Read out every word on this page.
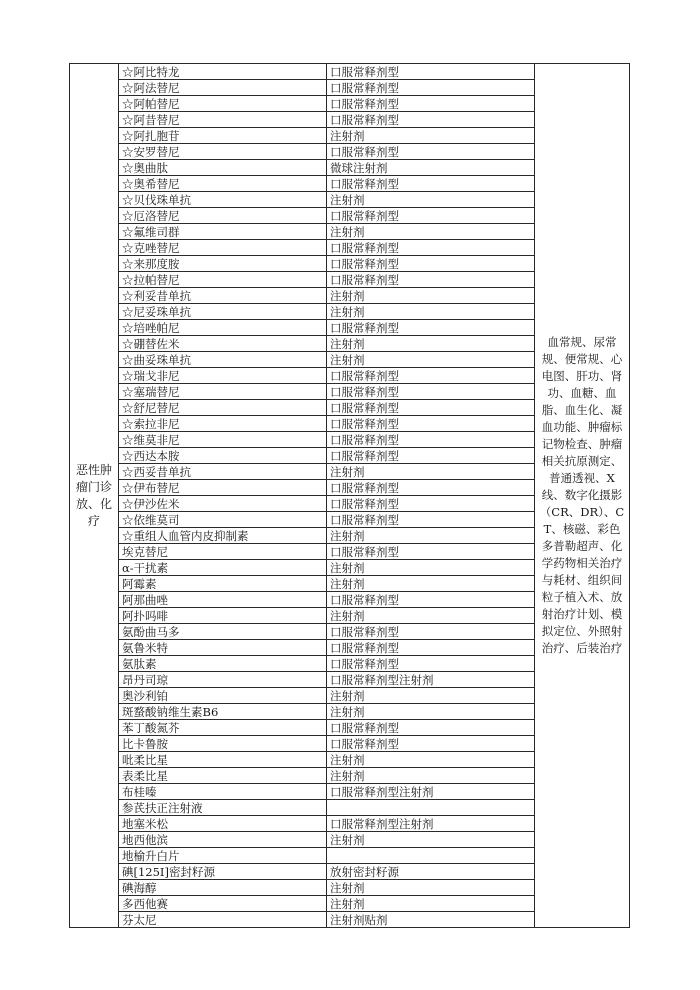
恶性肿瘤门诊放、化疗	☆阿比特龙	口服常释剂型	血常规、尿常规、便常规、心电图、肝功、肾功、血糖、血脂、血生化、凝血功能、肿瘤标记物检查、肿瘤相关抗原测定、普通透视、X线、数字化摄影（CR、DR）、CT、核磁、彩色多普勒超声、化学药物相关治疗与耗材、组织间粒子植入术、放射治疗计划、模拟定位、外照射治疗、后装治疗
	☆阿法替尼	口服常释剂型	
	☆阿帕替尼	口服常释剂型	
	☆阿昔替尼	口服常释剂型	
	☆阿扎胞苷	注射剂	
	☆安罗替尼	口服常释剂型	
	☆奥曲肽	微球注射剂	
	☆奥希替尼	口服常释剂型	
	☆贝伐珠单抗	注射剂	
	☆厄洛替尼	口服常释剂型	
	☆氟维司群	注射剂	
	☆克唑替尼	口服常释剂型	
	☆来那度胺	口服常释剂型	
	☆拉帕替尼	口服常释剂型	
	☆利妥昔单抗	注射剂	
	☆尼妥珠单抗	注射剂	
	☆培唑帕尼	口服常释剂型	
	☆硼替佐米	注射剂	
	☆曲妥珠单抗	注射剂	
	☆瑞戈非尼	口服常释剂型	
	☆塞瑞替尼	口服常释剂型	
	☆舒尼替尼	口服常释剂型	
	☆索拉非尼	口服常释剂型	
	☆维莫非尼	口服常释剂型	
	☆西达本胺	口服常释剂型	
	☆西妥昔单抗	注射剂	
	☆伊布替尼	口服常释剂型	
	☆伊沙佐米	口服常释剂型	
	☆依维莫司	口服常释剂型	
	☆重组人血管内皮抑制素	注射剂	
	埃克替尼	口服常释剂型	
	α-干扰素	注射剂	
	阿霉素	注射剂	
	阿那曲唑	口服常释剂型	
	阿扑吗啡	注射剂	
	氨酚曲马多	口服常释剂型	
	氨鲁米特	口服常释剂型	
	氨肽素	口服常释剂型	
	昂丹司琼	口服常释剂型注射剂	
	奥沙利铂	注射剂	
	斑蝥酸钠维生素B6	注射剂	
	苯丁酸氮芥	口服常释剂型	
	比卡鲁胺	口服常释剂型	
	吡柔比星	注射剂	
	表柔比星	注射剂	
	布桂嗪	口服常释剂型注射剂	
	参芪扶正注射液		
	地塞米松	口服常释剂型注射剂	
	地西他滨	注射剂	
	地榆升白片		
	碘[125I]密封籽源	放射密封籽源	
	碘海醇	注射剂	
	多西他赛	注射剂	
	芬太尼	注射剂贴剂	
